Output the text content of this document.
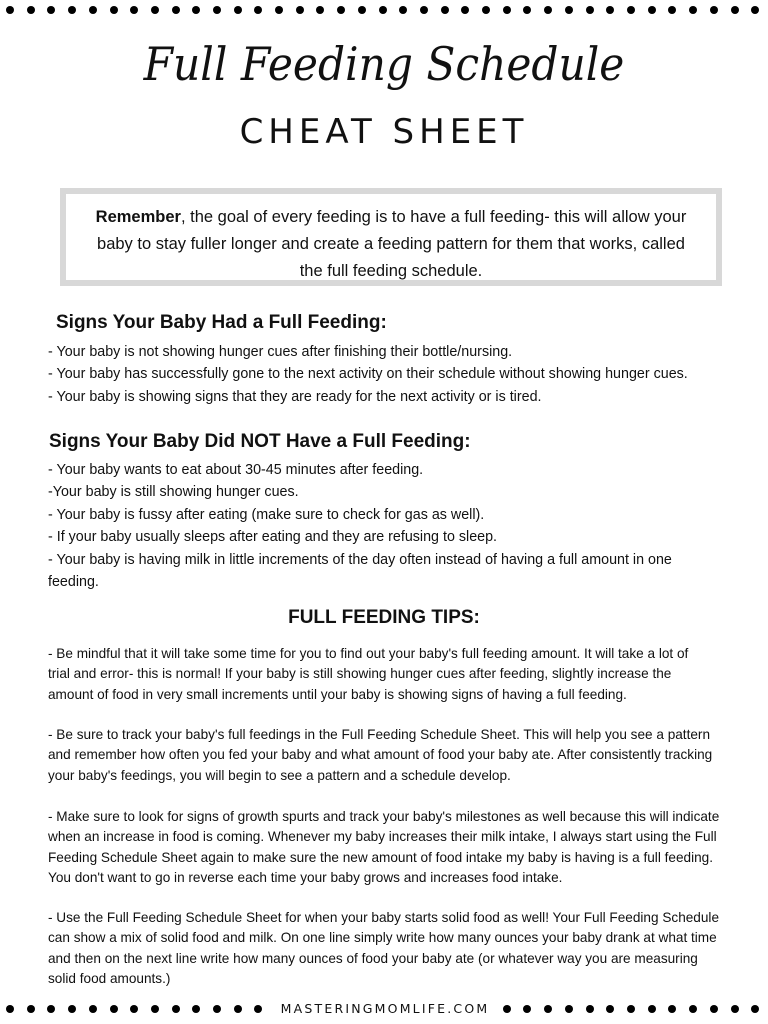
Full Feeding Schedule
CHEAT SHEET
Remember, the goal of every feeding is to have a full feeding- this will allow your
baby to stay fuller longer and create a feeding pattern for them that works, called
the full feeding schedule.
Signs Your Baby Had a Full Feeding:
- Your baby is not showing hunger cues after finishing their bottle/nursing.
- Your baby has successfully gone to the next activity on their schedule without showing hunger cues.
- Your baby is showing signs that they are ready for the next activity or is tired.
Signs Your Baby Did NOT Have a Full Feeding:
- Your baby wants to eat about 30-45 minutes after feeding.
-Your baby is still showing hunger cues.
- Your baby is fussy after eating (make sure to check for gas as well).
- If your baby usually sleeps after eating and they are refusing to sleep.
- Your baby is having milk in little increments of the day often instead of having a full amount in one
feeding.
FULL FEEDING TIPS:
- Be mindful that it will take some time for you to find out your baby's full feeding amount. It will take a lot of
trial and error- this is normal! If your baby is still showing hunger cues after feeding, slightly increase the
amount of food in very small increments until your baby is showing signs of having a full feeding.
- Be sure to track your baby's full feedings in the Full Feeding Schedule Sheet. This will help you see a pattern
and remember how often you fed your baby and what amount of food your baby ate. After consistently tracking
your baby's feedings, you will begin to see a pattern and a schedule develop.
- Make sure to look for signs of growth spurts and track your baby's milestones as well because this will indicate
when an increase in food is coming. Whenever my baby increases their milk intake, I always start using the Full
Feeding Schedule Sheet again to make sure the new amount of food intake my baby is having is a full feeding.
You don't want to go in reverse each time your baby grows and increases food intake.
- Use the Full Feeding Schedule Sheet for when your baby starts solid food as well! Your Full Feeding Schedule
can show a mix of solid food and milk. On one line simply write how many ounces your baby drank at what time
and then on the next line write how many ounces of food your baby ate (or whatever way you are measuring
solid food amounts.)
MASTERINGMOMLIFE.COM
